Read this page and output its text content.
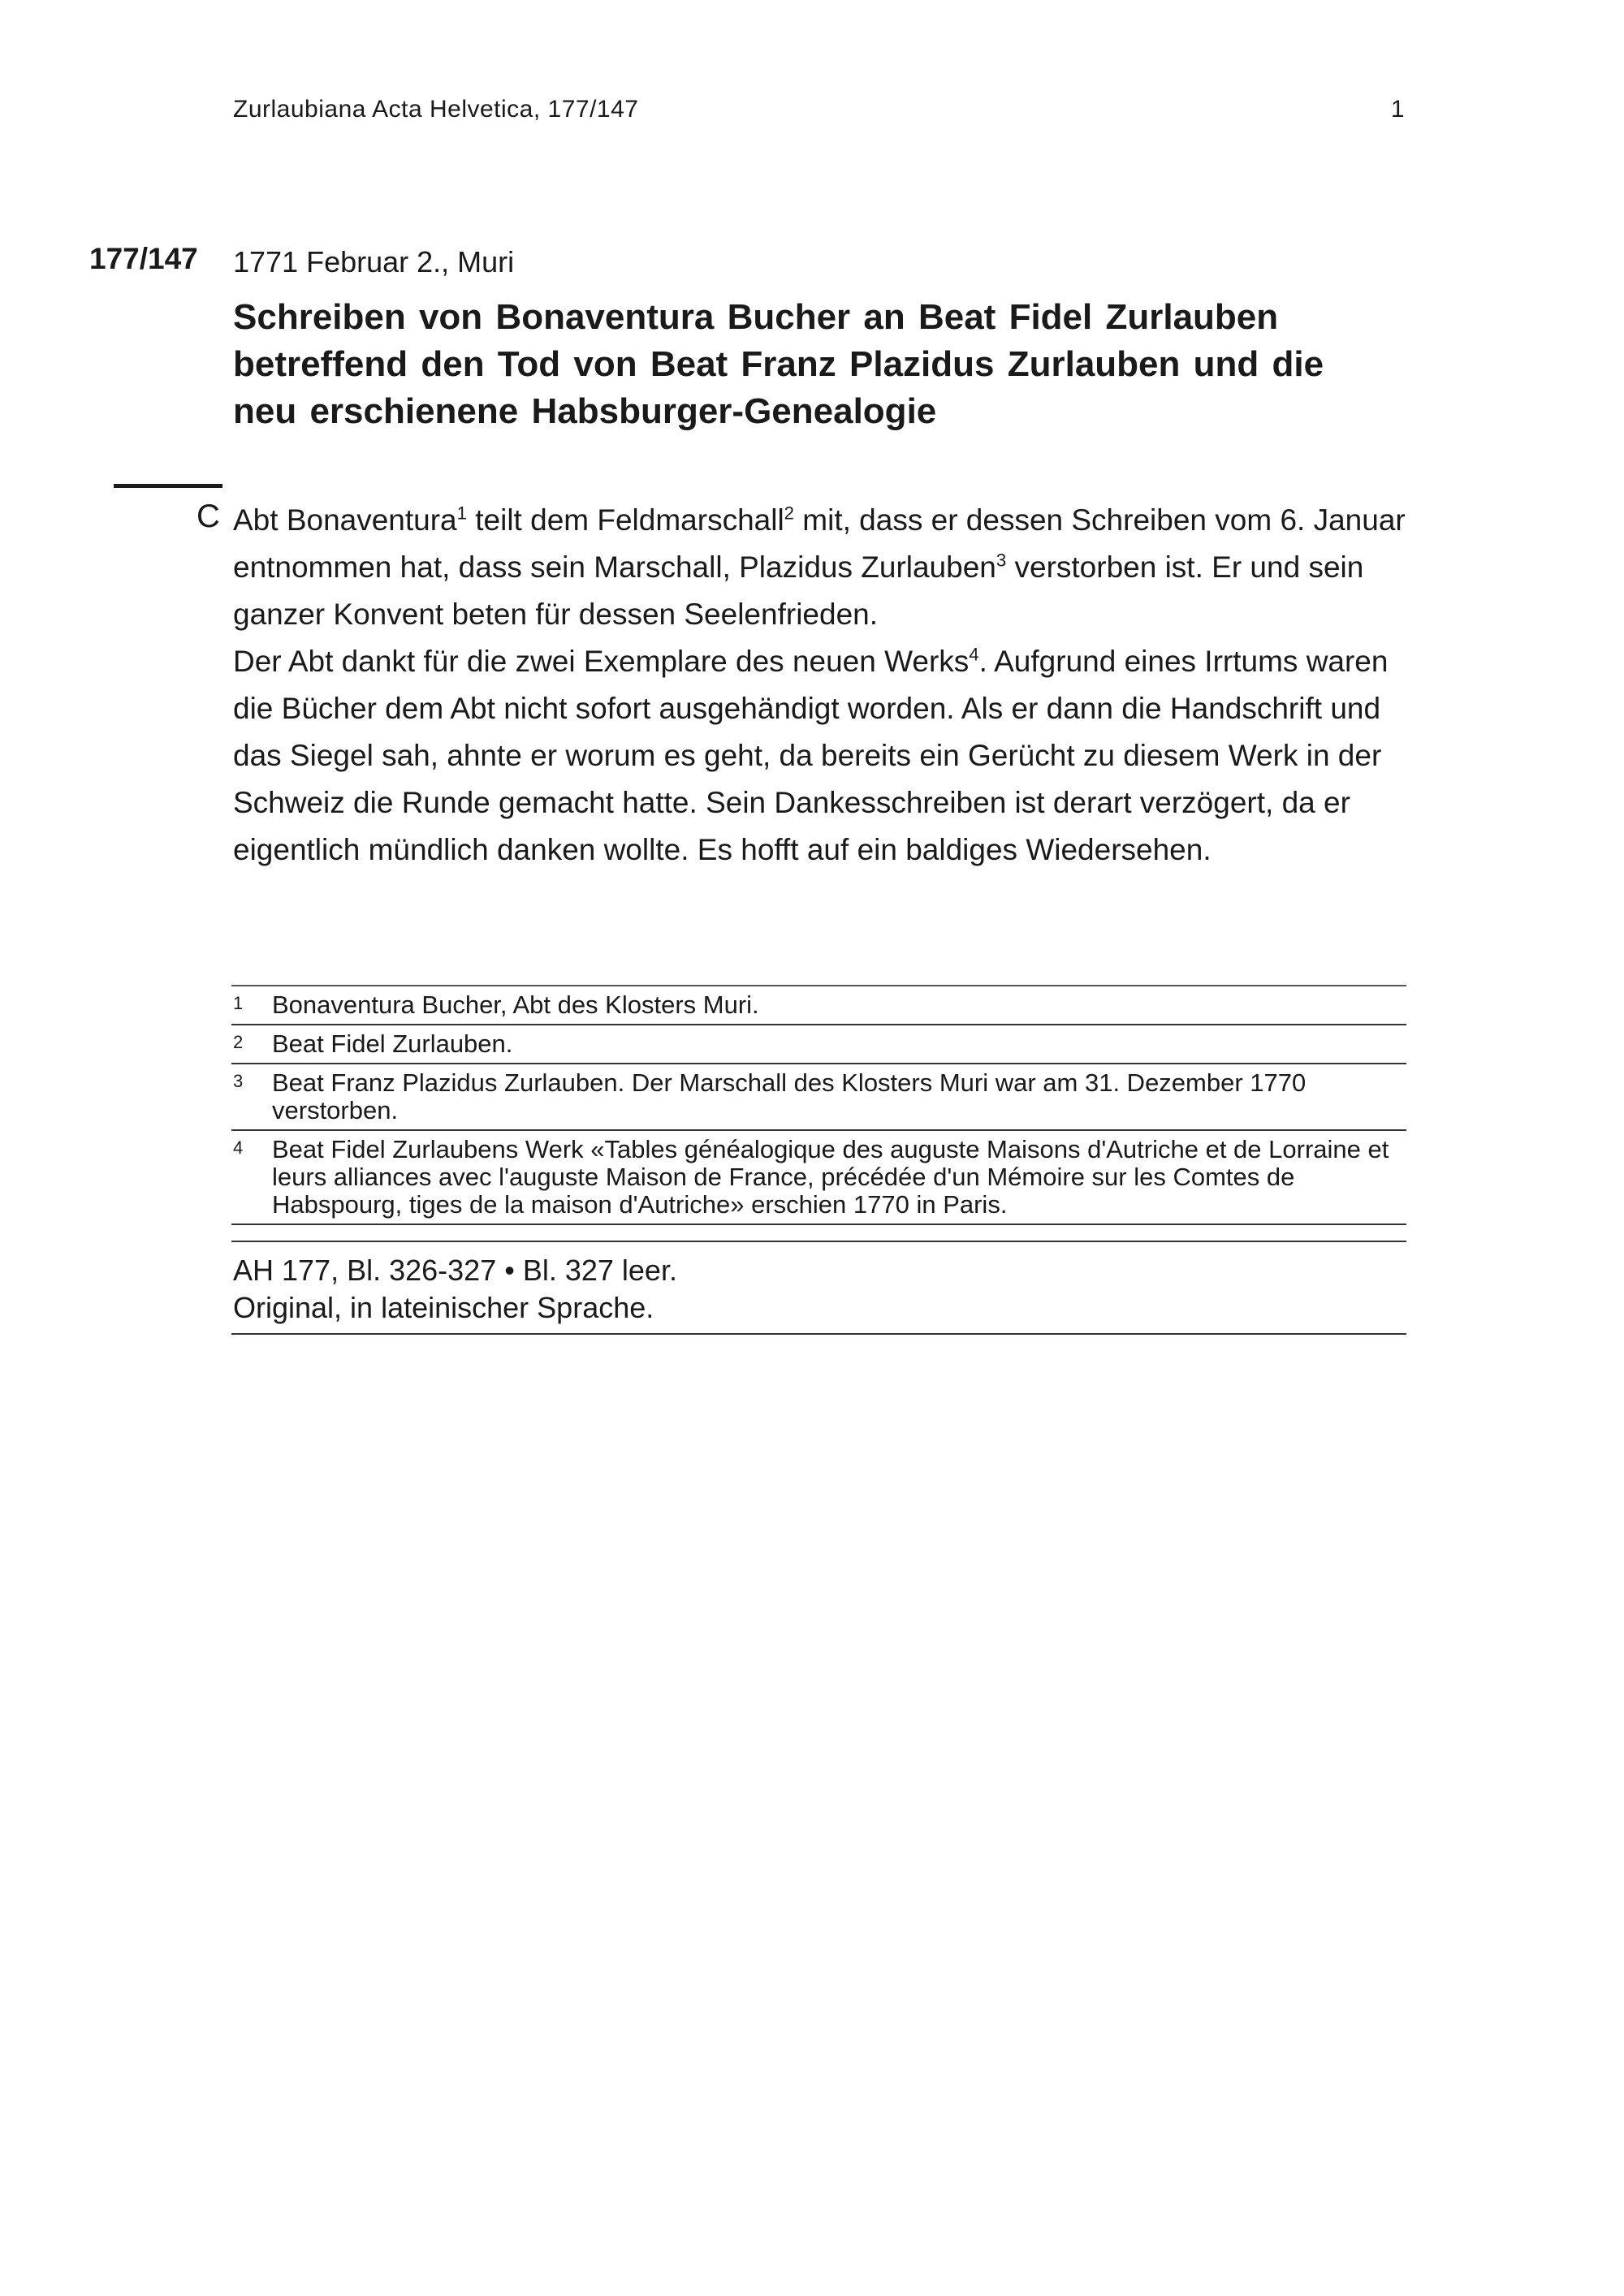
Zurlaubiana Acta Helvetica, 177/147	1
177/147 1771 Februar 2., Muri
Schreiben von Bonaventura Bucher an Beat Fidel Zurlauben betreffend den Tod von Beat Franz Plazidus Zurlauben und die neu erschienene Habsburger-Genealogie
C Abt Bonaventura$^1$ teilt dem Feldmarschall$^2$ mit, dass er dessen Schreiben vom 6. Januar entnommen hat, dass sein Marschall, Plazidus Zurlauben$^3$ verstorben ist. Er und sein ganzer Konvent beten für dessen Seelenfrieden.

Der Abt dankt für die zwei Exemplare des neuen Werks$^4$. Aufgrund eines Irrtums waren die Bücher dem Abt nicht sofort ausgehändigt worden. Als er dann die Handschrift und das Siegel sah, ahnte er worum es geht, da bereits ein Gerücht zu diesem Werk in der Schweiz die Runde gemacht hatte. Sein Dankesschreiben ist derart verzögert, da er eigentlich mündlich danken wollte. Es hofft auf ein baldiges Wiedersehen.

1 Bonaventura Bucher, Abt des Klosters Muri.
2 Beat Fidel Zurlauben.
3 Beat Franz Plazidus Zurlauben. Der Marschall des Klosters Muri war am 31. Dezember 1770 verstorben.
4 Beat Fidel Zurlaubens Werk «Tables généalogique des auguste Maisons d'Autriche et de Lorraine et leurs alliances avec l'auguste Maison de France, précédée d'un Mémoire sur les Comtes de Habspourg, tiges de la maison d'Autriche» erschien 1770 in Paris.
AH 177, Bl. 326-327 • Bl. 327 leer.
Original, in lateinischer Sprache.
